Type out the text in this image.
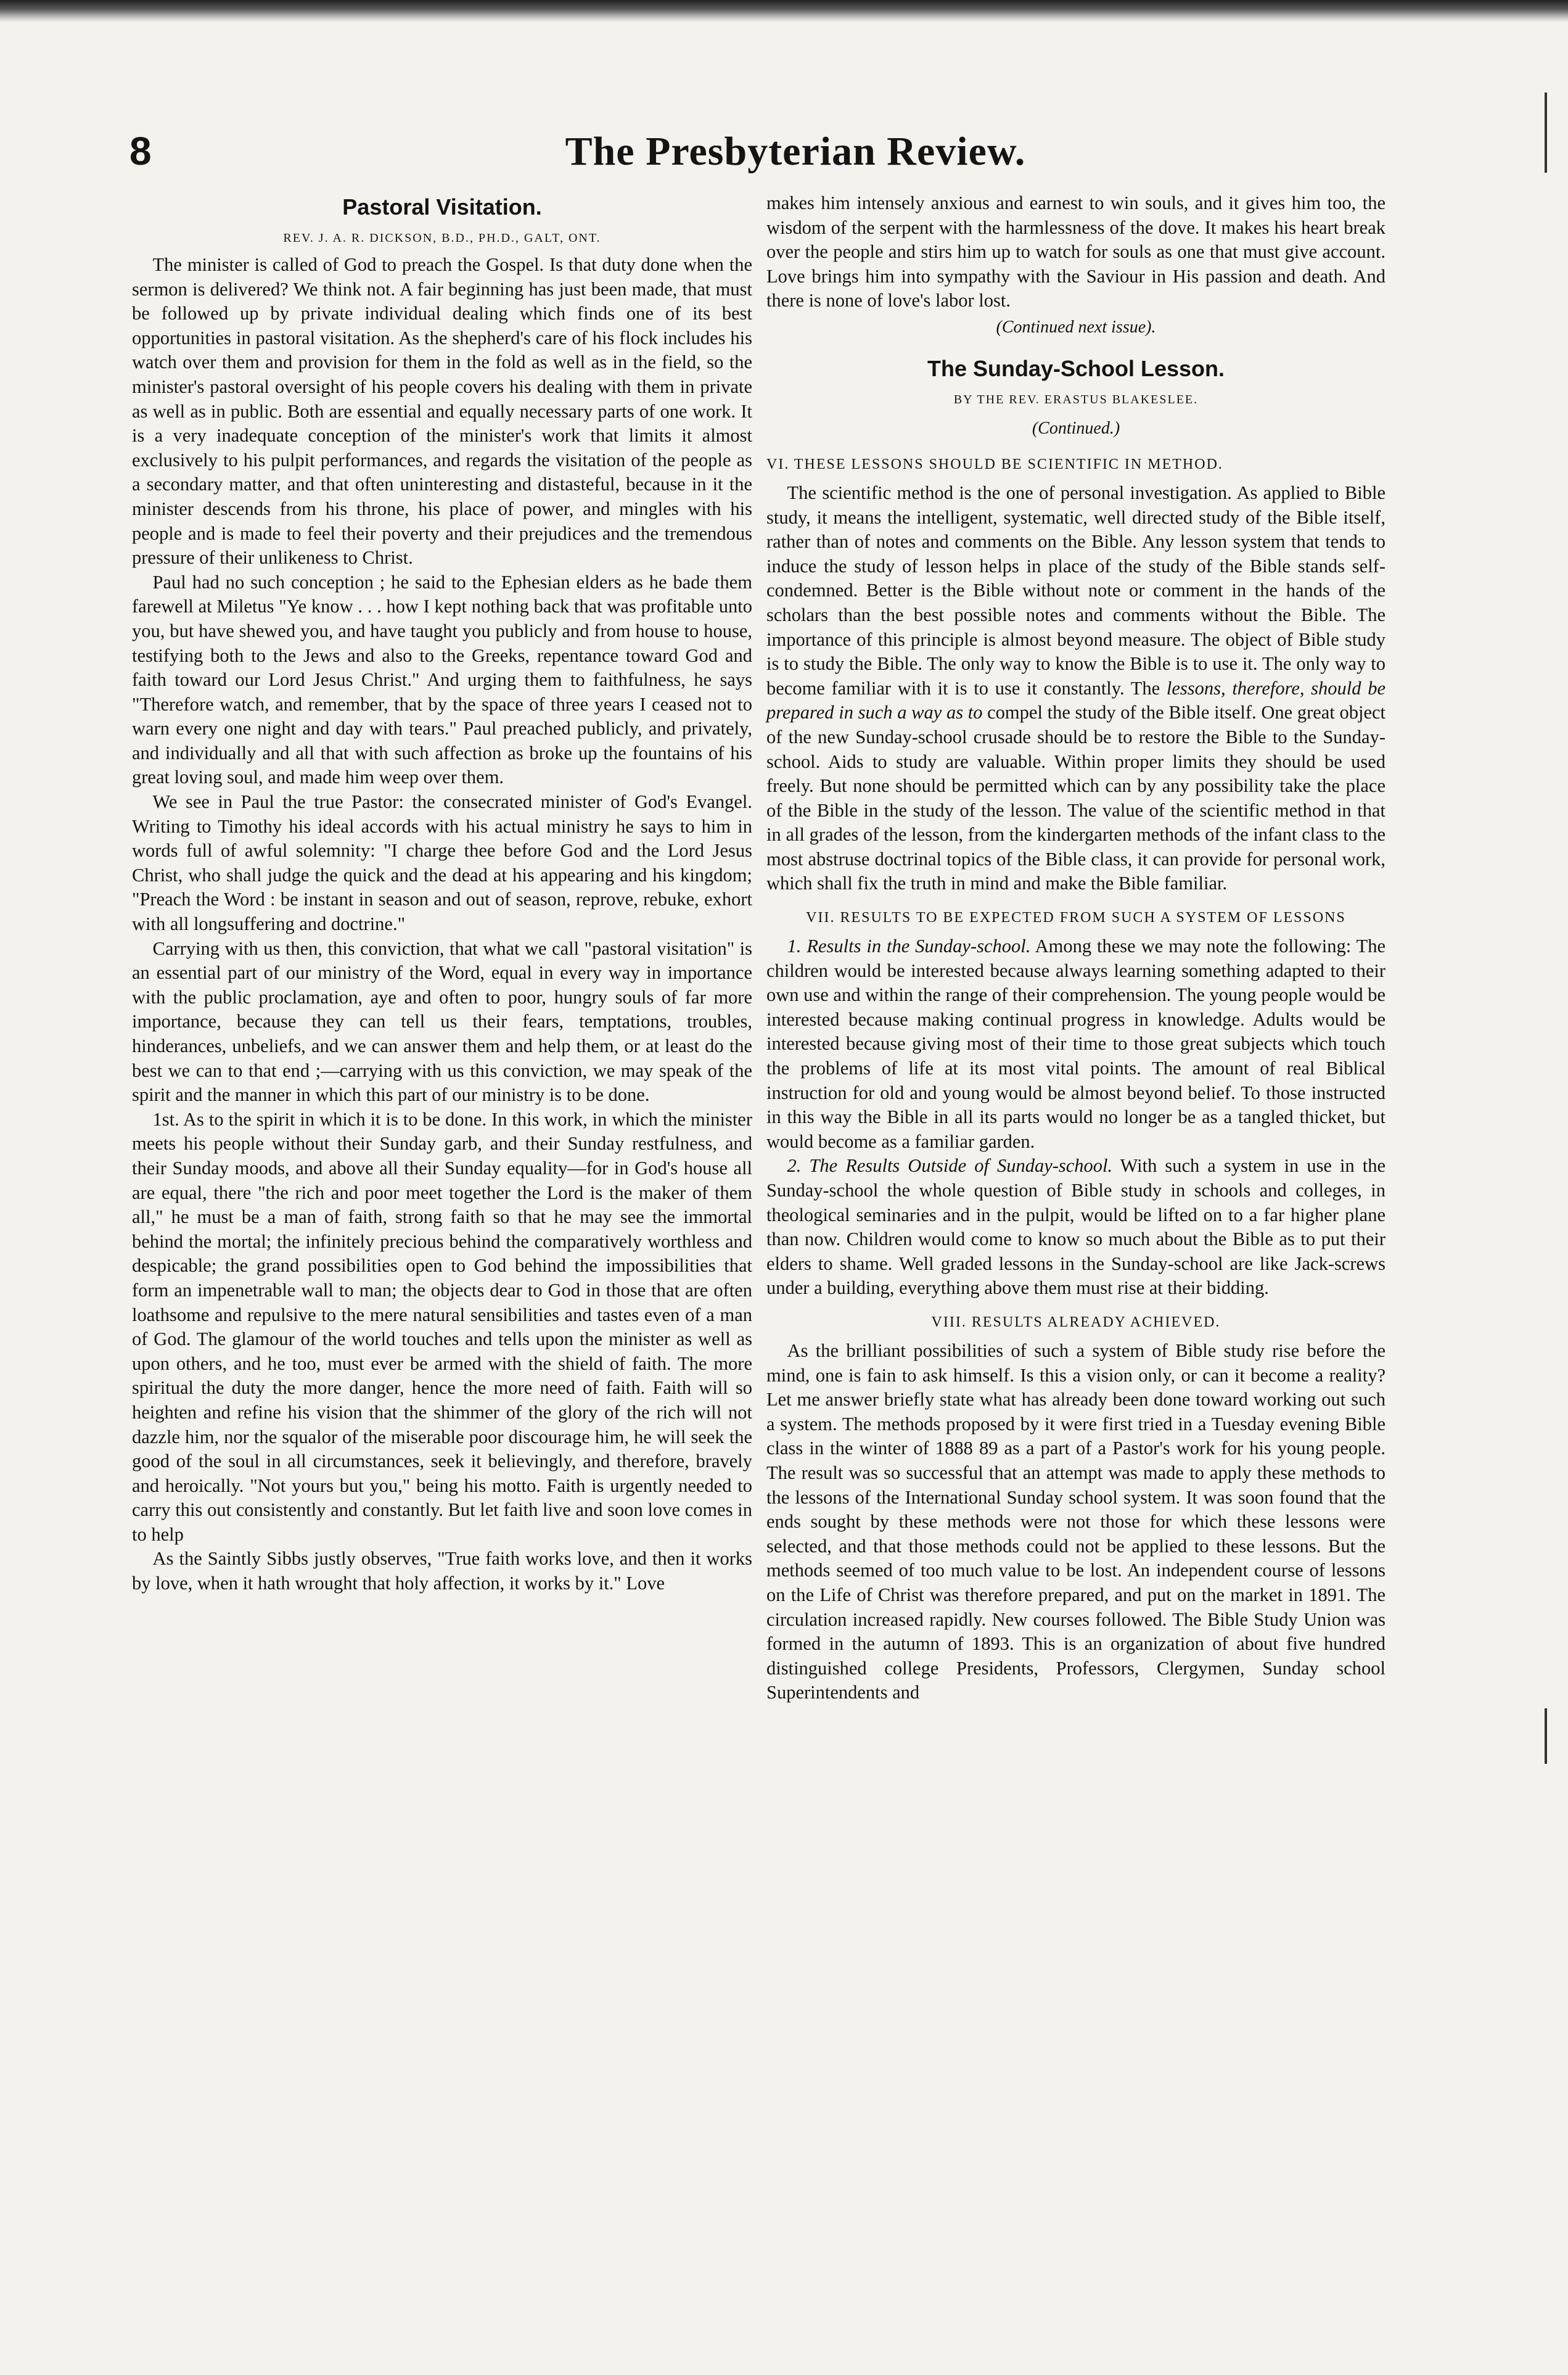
8	The Presbyterian Review.
Pastoral Visitation.
REV. J. A. R. DICKSON, B.D., PH.D., GALT, ONT.

The minister is called of God to preach the Gospel. Is that duty done when the sermon is delivered? We think not. A fair beginning has just been made, that must be followed up by private individual dealing which finds one of its best opportunities in pastoral visitation. As the shepherd's care of his flock includes his watch over them and provision for them in the fold as well as in the field, so the minister's pastoral oversight of his people covers his dealing with them in private as well as in public. Both are essential and equally necessary parts of one work. It is a very inadequate conception of the minister's work that limits it almost exclusively to his pulpit performances, and regards the visitation of the people as a secondary matter, and that often uninteresting and distasteful, because in it the minister descends from his throne, his place of power, and mingles with his people and is made to feel their poverty and their prejudices and the tremendous pressure of their unlikeness to Christ.

Paul had no such conception ; he said to the Ephesian elders as he bade them farewell at Miletus "Ye know . . . how I kept nothing back that was profitable unto you, but have shewed you, and have taught you publicly and from house to house, testifying both to the Jews and also to the Greeks, repentance toward God and faith toward our Lord Jesus Christ." And urging them to faithfulness, he says "Therefore watch, and remember, that by the space of three years I ceased not to warn every one night and day with tears." Paul preached publicly, and privately, and individually and all that with such affection as broke up the fountains of his great loving soul, and made him weep over them.

We see in Paul the true Pastor: the consecrated minister of God's Evangel. Writing to Timothy his ideal accords with his actual ministry he says to him in words full of awful solemnity: "I charge thee before God and the Lord Jesus Christ, who shall judge the quick and the dead at his appearing and his kingdom; "Preach the Word : be instant in season and out of season, reprove, rebuke, exhort with all longsuffering and doctrine."

Carrying with us then, this conviction, that what we call "pastoral visitation" is an essential part of our ministry of the Word, equal in every way in importance with the public proclamation, aye and often to poor, hungry souls of far more importance, because they can tell us their fears, temptations, troubles, hinderances, unbeliefs, and we can answer them and help them, or at least do the best we can to that end ;—carrying with us this conviction, we may speak of the spirit and the manner in which this part of our ministry is to be done.

1st. As to the spirit in which it is to be done. In this work, in which the minister meets his people without their Sunday garb, and their Sunday restfulness, and their Sunday moods, and above all their Sunday equality—for in God's house all are equal, there "the rich and poor meet together the Lord is the maker of them all," he must be a man of faith, strong faith so that he may see the immortal behind the mortal; the infinitely precious behind the comparatively worthless and despicable; the grand possibilities open to God behind the impossibilities that form an impenetrable wall to man; the objects dear to God in those that are often loathsome and repulsive to the mere natural sensibilities and tastes even of a man of God. The glamour of the world touches and tells upon the minister as well as upon others, and he too, must ever be armed with the shield of faith. The more spiritual the duty the more danger, hence the more need of faith. Faith will so heighten and refine his vision that the shimmer of the glory of the rich will not dazzle him, nor the squalor of the miserable poor discourage him, he will seek the good of the soul in all circumstances, seek it believingly, and therefore, bravely and heroically. "Not yours but you," being his motto. Faith is urgently needed to carry this out consistently and constantly. But let faith live and soon love comes in to help

As the Saintly Sibbs justly observes, "True faith works love, and then it works by love, when it hath wrought that holy affection, it works by it." Love

makes him intensely anxious and earnest to win souls, and it gives him too, the wisdom of the serpent with the harmlessness of the dove. It makes his heart break over the people and stirs him up to watch for souls as one that must give account. Love brings him into sympathy with the Saviour in His passion and death. And there is none of love's labor lost.

(Continued next issue).
The Sunday-School Lesson.
BY THE REV. ERASTUS BLAKESLEE.
(Continued.)
VI. THESE LESSONS SHOULD BE SCIENTIFIC IN METHOD.

The scientific method is the one of personal investigation. As applied to Bible study, it means the intelligent, systematic, well directed study of the Bible itself, rather than of notes and comments on the Bible. Any lesson system that tends to induce the study of lesson helps in place of the study of the Bible stands self-condemned. Better is the Bible without note or comment in the hands of the scholars than the best possible notes and comments without the Bible. The importance of this principle is almost beyond measure. The object of Bible study is to study the Bible. The only way to know the Bible is to use it. The only way to become familiar with it is to use it constantly. The lessons, therefore, should be prepared in such a way as to compel the study of the Bible itself. One great object of the new Sunday-school crusade should be to restore the Bible to the Sunday-school. Aids to study are valuable. Within proper limits they should be used freely. But none should be permitted which can by any possibility take the place of the Bible in the study of the lesson. The value of the scientific method in that in all grades of the lesson, from the kindergarten methods of the infant class to the most abstruse doctrinal topics of the Bible class, it can provide for personal work, which shall fix the truth in mind and make the Bible familiar.

VII. RESULTS TO BE EXPECTED FROM SUCH A SYSTEM OF LESSONS

1. Results in the Sunday-school. Among these we may note the following: The children would be interested because always learning something adapted to their own use and within the range of their comprehension. The young people would be interested because making continual progress in knowledge. Adults would be interested because giving most of their time to those great subjects which touch the problems of life at its most vital points. The amount of real Biblical instruction for old and young would be almost beyond belief. To those instructed in this way the Bible in all its parts would no longer be as a tangled thicket, but would become as a familiar garden.

2. The Results Outside of Sunday-school. With such a system in use in the Sunday-school the whole question of Bible study in schools and colleges, in theological seminaries and in the pulpit, would be lifted on to a far higher plane than now. Children would come to know so much about the Bible as to put their elders to shame. Well graded lessons in the Sunday-school are like Jack-screws under a building, everything above them must rise at their bidding.

VIII. RESULTS ALREADY ACHIEVED.

As the brilliant possibilities of such a system of Bible study rise before the mind, one is fain to ask himself. Is this a vision only, or can it become a reality? Let me answer briefly state what has already been done toward working out such a system. The methods proposed by it were first tried in a Tuesday evening Bible class in the winter of 1888 89 as a part of a Pastor's work for his young people. The result was so successful that an attempt was made to apply these methods to the lessons of the International Sunday school system. It was soon found that the ends sought by these methods were not those for which these lessons were selected, and that those methods could not be applied to these lessons. But the methods seemed of too much value to be lost. An independent course of lessons on the Life of Christ was therefore prepared, and put on the market in 1891. The circulation increased rapidly. New courses followed. The Bible Study Union was formed in the autumn of 1893. This is an organization of about five hundred distinguished college Presidents, Professors, Clergymen, Sunday school Superintendents and
